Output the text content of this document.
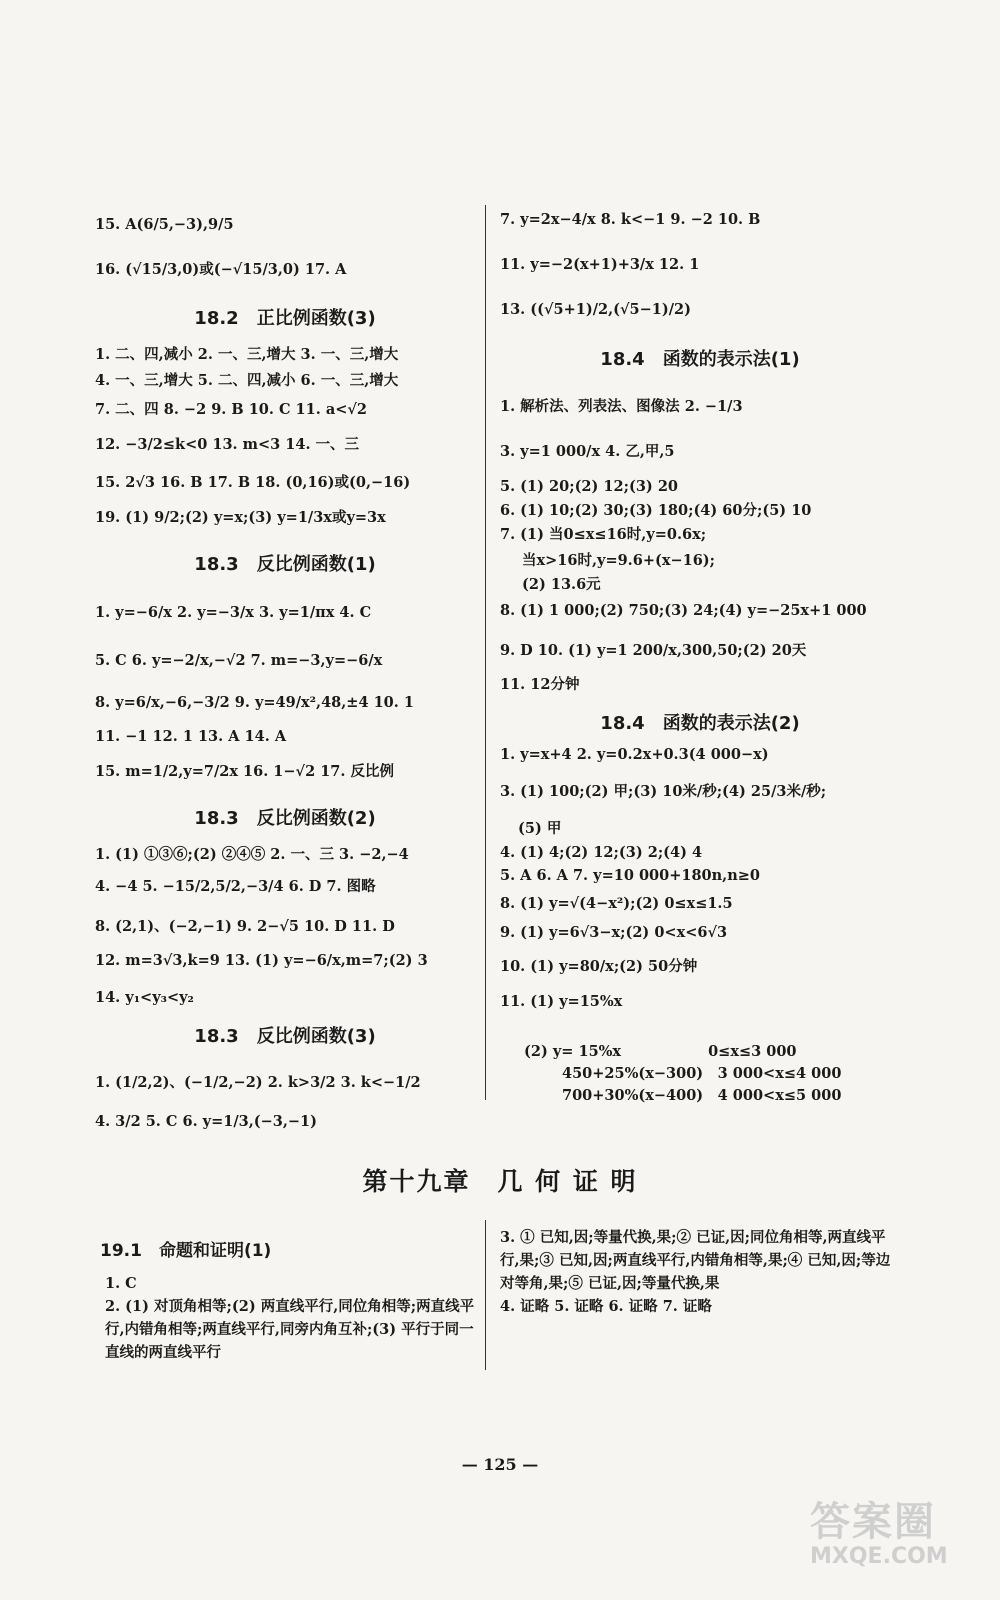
15. A(6/5,−3),9/5
16. (√15/3,0)或(−√15/3,0) 17. A
18.2　正比例函数(3)
1. 二、四,减小 2. 一、三,增大 3. 一、三,增大
4. 一、三,增大 5. 二、四,减小 6. 一、三,增大
7. 二、四 8. −2 9. B 10. C 11. a<√2
12. −3/2≤k<0 13. m<3 14. 一、三
15. 2√3 16. B 17. B 18. (0,16)或(0,−16)
19. (1) 9/2;(2) y=x;(3) y=1/3x或y=3x
18.3　反比例函数(1)
1. y=−6/x 2. y=−3/x 3. y=1/πx 4. C
5. C 6. y=−2/x,−√2 7. m=−3,y=−6/x
8. y=6/x,−6,−3/2 9. y=49/x²,48,±4 10. 1
11. −1 12. 1 13. A 14. A
15. m=1/2,y=7/2x 16. 1−√2 17. 反比例
18.3　反比例函数(2)
1. (1) ①③⑥;(2) ②④⑤ 2. 一、三 3. −2,−4
4. −4 5. −15/2,5/2,−3/4 6. D 7. 图略
8. (2,1)、(−2,−1) 9. 2−√5 10. D 11. D
12. m=3√3,k=9 13. (1) y=−6/x,m=7;(2) 3
14. y₁<y₃<y₂
18.3　反比例函数(3)
1. (1/2,2)、(−1/2,−2) 2. k>3/2 3. k<−1/2
4. 3/2 5. C 6. y=1/3,(−3,−1)
7. y=2x−4/x 8. k<−1 9. −2 10. B
11. y=−2(x+1)+3/x 12. 1
13. ((√5+1)/2,(√5−1)/2)
18.4　函数的表示法(1)
1. 解析法、列表法、图像法 2. −1/3
3. y=1 000/x 4. 乙,甲,5
5. (1) 20;(2) 12;(3) 20
6. (1) 10;(2) 30;(3) 180;(4) 60分;(5) 10
7. (1) 当0≤x≤16时,y=0.6x;
当x>16时,y=9.6+(x−16);
(2) 13.6元
8. (1) 1 000;(2) 750;(3) 24;(4) y=−25x+1 000
9. D 10. (1) y=1 200/x,300,50;(2) 20天
11. 12分钟
18.4　函数的表示法(2)
1. y=x+4 2. y=0.2x+0.3(4 000−x)
3. (1) 100;(2) 甲;(3) 10米/秒;(4) 25/3米/秒;
(5) 甲
4. (1) 4;(2) 12;(3) 2;(4) 4
5. A 6. A 7. y=10 000+180n,n≥0
8. (1) y=√(4−x²);(2) 0≤x≤1.5
9. (1) y=6√3−x;(2) 0<x<6√3
10. (1) y=80/x;(2) 50分钟
11. (1) y=15%x
(2) y= 15%x　　　　　　0≤x≤3 000
450+25%(x−300)　3 000<x≤4 000
700+30%(x−400)　4 000<x≤5 000
第十九章　几 何 证 明
19.1　命题和证明(1)
1. C
2. (1) 对顶角相等;(2) 两直线平行,同位角相等;两直线平行,内错角相等;两直线平行,同旁内角互补;(3) 平行于同一直线的两直线平行
3. ① 已知,因;等量代换,果;② 已证,因;同位角相等,两直线平行,果;③ 已知,因;两直线平行,内错角相等,果;④ 已知,因;等边对等角,果;⑤ 已证,因;等量代换,果
4. 证略 5. 证略 6. 证略 7. 证略
— 125 —
答案圈
MXQE.COM
